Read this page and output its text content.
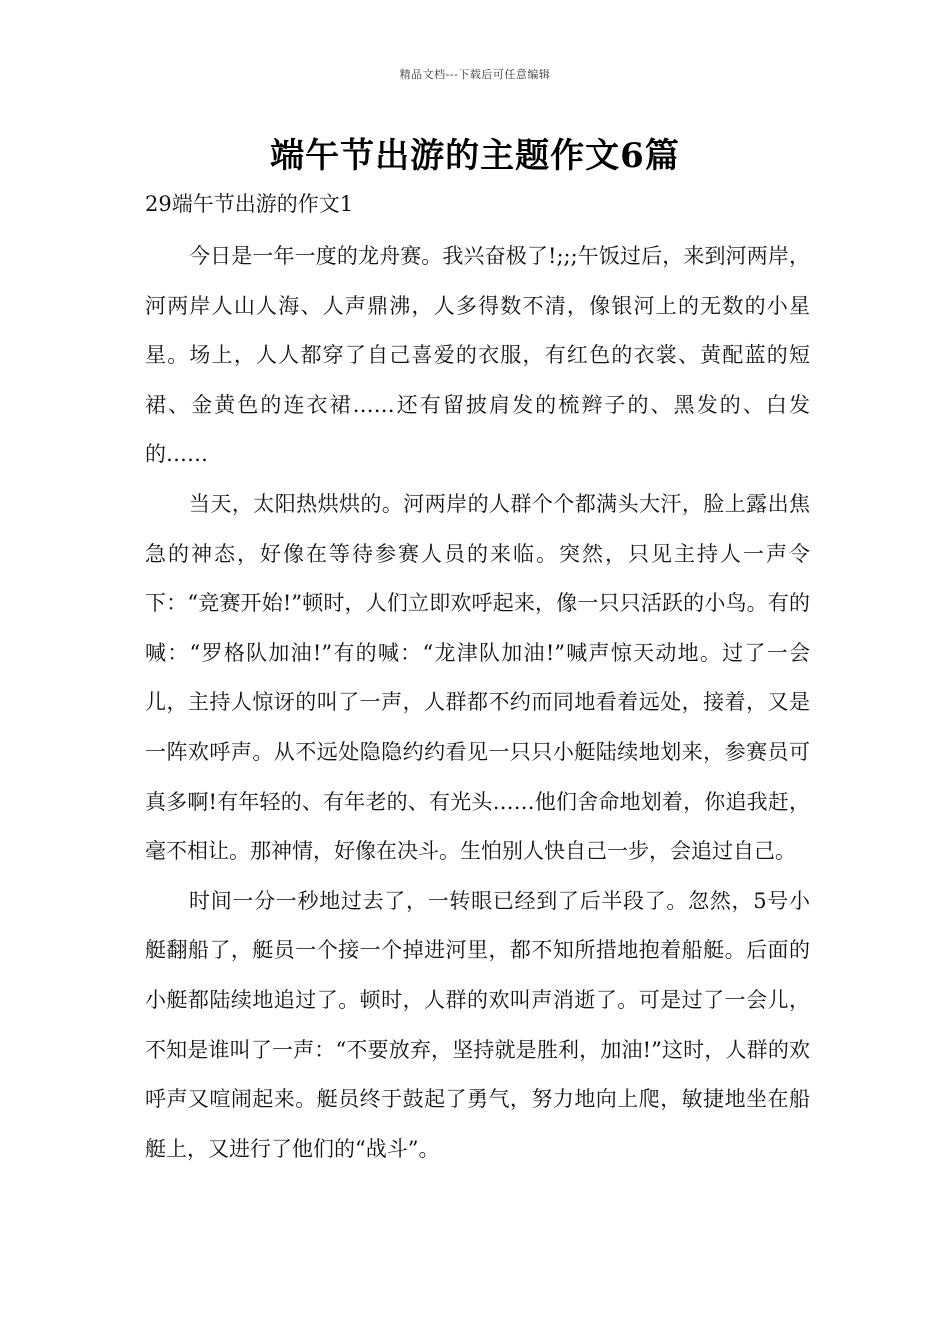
精品文档---下载后可任意编辑
端午节出游的主题作文6篇
29端午节出游的作文1

今日是一年一度的龙舟赛。我兴奋极了!;;;午饭过后，来到河两岸，河两岸人山人海、人声鼎沸，人多得数不清，像银河上的无数的小星星。场上，人人都穿了自己喜爱的衣服，有红色的衣裳、黄配蓝的短裙、金黄色的连衣裙……还有留披肩发的梳辫子的、黑发的、白发的……

当天，太阳热烘烘的。河两岸的人群个个都满头大汗，脸上露出焦急的神态，好像在等待参赛人员的来临。突然，只见主持人一声令下：“竞赛开始!”顿时，人们立即欢呼起来，像一只只活跃的小鸟。有的喊：“罗格队加油!”有的喊：“龙津队加油!”喊声惊天动地。过了一会儿，主持人惊讶的叫了一声，人群都不约而同地看着远处，接着，又是一阵欢呼声。从不远处隐隐约约看见一只只小艇陆续地划来，参赛员可真多啊!有年轻的、有年老的、有光头……他们舍命地划着，你追我赶，毫不相让。那神情，好像在决斗。生怕别人快自己一步，会追过自己。

时间一分一秒地过去了，一转眼已经到了后半段了。忽然，5号小艇翻船了，艇员一个接一个掉进河里，都不知所措地抱着船艇。后面的小艇都陆续地追过了。顿时，人群的欢叫声消逝了。可是过了一会儿，不知是谁叫了一声：“不要放弃，坚持就是胜利，加油!”这时，人群的欢呼声又喧闹起来。艇员终于鼓起了勇气，努力地向上爬，敏捷地坐在船艇上，又进行了他们的“战斗”。
